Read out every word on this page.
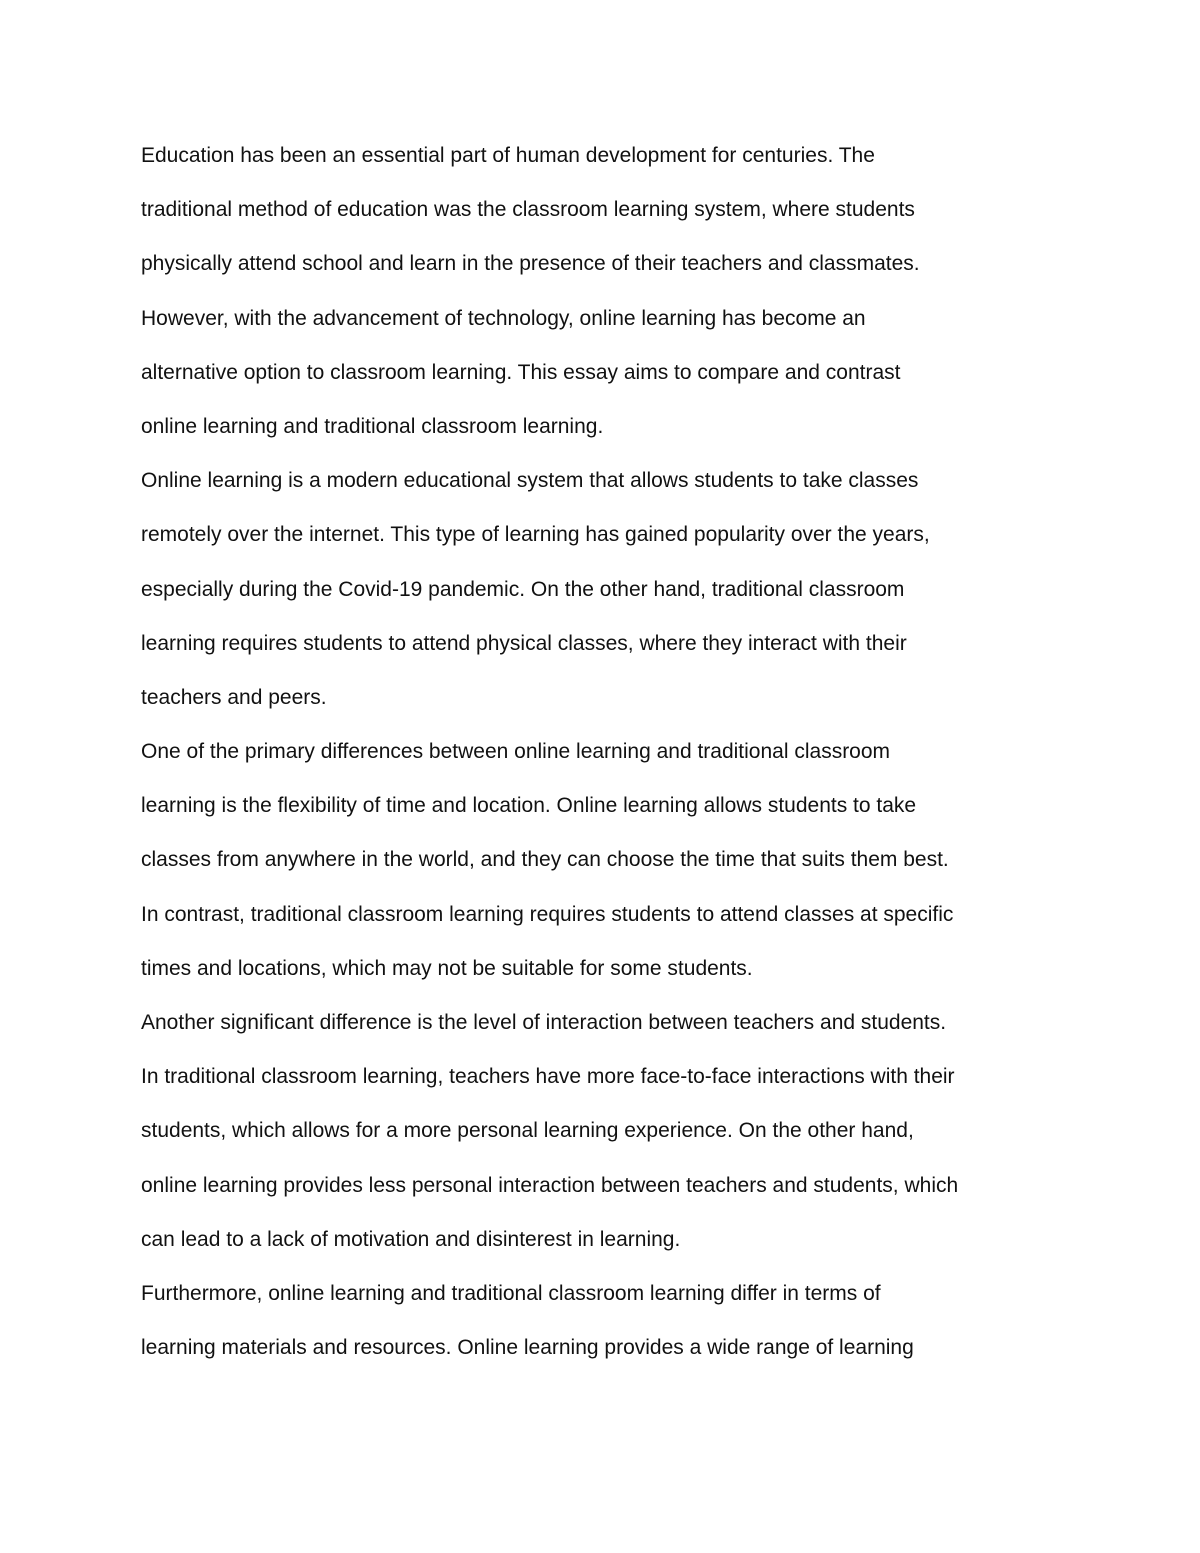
Education has been an essential part of human development for centuries. The
traditional method of education was the classroom learning system, where students
physically attend school and learn in the presence of their teachers and classmates.
However, with the advancement of technology, online learning has become an
alternative option to classroom learning. This essay aims to compare and contrast
online learning and traditional classroom learning.
Online learning is a modern educational system that allows students to take classes
remotely over the internet. This type of learning has gained popularity over the years,
especially during the Covid-19 pandemic. On the other hand, traditional classroom
learning requires students to attend physical classes, where they interact with their
teachers and peers.
One of the primary differences between online learning and traditional classroom
learning is the flexibility of time and location. Online learning allows students to take
classes from anywhere in the world, and they can choose the time that suits them best.
In contrast, traditional classroom learning requires students to attend classes at specific
times and locations, which may not be suitable for some students.
Another significant difference is the level of interaction between teachers and students.
In traditional classroom learning, teachers have more face-to-face interactions with their
students, which allows for a more personal learning experience. On the other hand,
online learning provides less personal interaction between teachers and students, which
can lead to a lack of motivation and disinterest in learning.
Furthermore, online learning and traditional classroom learning differ in terms of
learning materials and resources. Online learning provides a wide range of learning
